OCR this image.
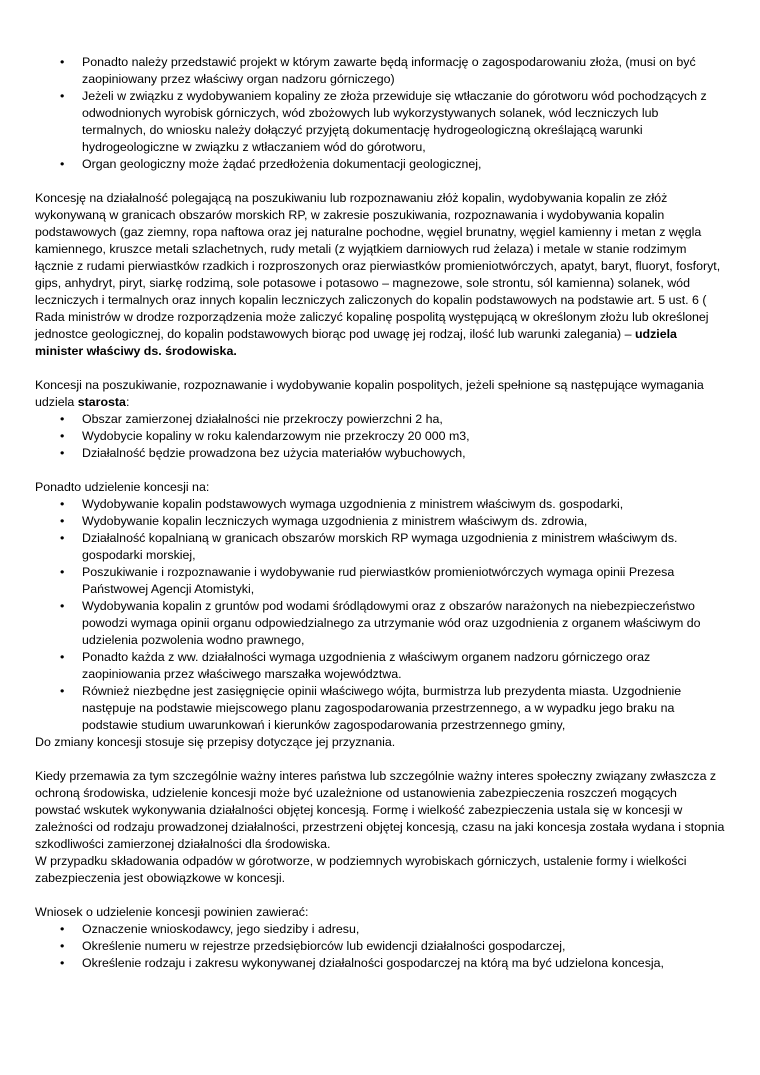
• Ponadto należy przedstawić projekt w którym zawarte będą informację o zagospodarowaniu złoża, (musi on być zaopiniowany przez właściwy organ nadzoru górniczego)
• Jeżeli w związku z wydobywaniem kopaliny ze złoża przewiduje się wtłaczanie do górotworu wód pochodzących z odwodnionych wyrobisk górniczych, wód zbożowych lub wykorzystywanych solanek, wód leczniczych lub termalnych, do wniosku należy dołączyć przyjętą dokumentację hydrogeologiczną określającą warunki hydrogeologiczne w związku z wtłaczaniem wód do górotworu,
• Organ geologiczny może żądać przedłożenia dokumentacji geologicznej,

Koncesję na działalność polegającą na poszukiwaniu lub rozpoznawaniu złóż kopalin, wydobywania kopalin ze złóż wykonywaną w granicach obszarów morskich RP, w zakresie poszukiwania, rozpoznawania i wydobywania kopalin podstawowych (gaz ziemny, ropa naftowa oraz jej naturalne pochodne, węgiel brunatny, węgiel kamienny i metan z węgla kamiennego, kruszce metali szlachetnych, rudy metali (z wyjątkiem darniowych rud żelaza) i metale w stanie rodzimym łącznie z rudami pierwiastków rzadkich i rozproszonych oraz pierwiastków promieniotwórczych, apatyt, baryt, fluoryt, fosforyt, gips, anhydryt, piryt, siarkę rodzimą, sole potasowe i potasowo – magnezowe, sole strontu, sól kamienna) solanek, wód leczniczych i termalnych oraz innych kopalin leczniczych zaliczonych do kopalin podstawowych na podstawie art. 5 ust. 6 ( Rada ministrów w drodze rozporządzenia może zaliczyć kopalinę pospolitą występującą w określonym złożu lub określonej jednostce geologicznej, do kopalin podstawowych biorąc pod uwagę jej rodzaj, ilość lub warunki zalegania) – udziela minister właściwy ds. środowiska.

Koncesji na poszukiwanie, rozpoznawanie i wydobywanie kopalin pospolitych, jeżeli spełnione są następujące wymagania udziela starosta:

• Obszar zamierzonej działalności nie przekroczy powierzchni 2 ha,
• Wydobycie kopaliny w roku kalendarzowym nie przekroczy 20 000 m3,
• Działalność będzie prowadzona bez użycia materiałów wybuchowych,

Ponadto udzielenie koncesji na:

• Wydobywanie kopalin podstawowych wymaga uzgodnienia z ministrem właściwym ds. gospodarki,
• Wydobywanie kopalin leczniczych wymaga uzgodnienia z ministrem właściwym ds. zdrowia,
• Działalność kopalnianą w granicach obszarów morskich RP wymaga uzgodnienia z ministrem właściwym ds. gospodarki morskiej,
• Poszukiwanie i rozpoznawanie i wydobywanie rud pierwiastków promieniotwórczych wymaga opinii Prezesa Państwowej Agencji Atomistyki,
• Wydobywania kopalin z gruntów pod wodami śródlądowymi oraz z obszarów narażonych na niebezpieczeństwo powodzi wymaga opinii organu odpowiedzialnego za utrzymanie wód oraz uzgodnienia z organem właściwym do udzielenia pozwolenia wodno prawnego,
• Ponadto każda z ww. działalności wymaga uzgodnienia z właściwym organem nadzoru górniczego oraz zaopiniowania przez właściwego marszałka województwa.
• Również niezbędne jest zasięgnięcie opinii właściwego wójta, burmistrza lub prezydenta miasta. Uzgodnienie następuje na podstawie miejscowego planu zagospodarowania przestrzennego, a w wypadku jego braku na podstawie studium uwarunkowań i kierunków zagospodarowania przestrzennego gminy,

Do zmiany koncesji stosuje się przepisy dotyczące jej przyznania.

Kiedy przemawia za tym szczególnie ważny interes państwa lub szczególnie ważny interes społeczny związany zwłaszcza z ochroną środowiska, udzielenie koncesji może być uzależnione od ustanowienia zabezpieczenia roszczeń mogących powstać wskutek wykonywania działalności objętej koncesją. Formę i wielkość zabezpieczenia ustala się w koncesji w zależności od rodzaju prowadzonej działalności, przestrzeni objętej koncesją, czasu na jaki koncesja została wydana i stopnia szkodliwości zamierzonej działalności dla środowiska.

W przypadku składowania odpadów w górotworze, w podziemnych wyrobiskach górniczych, ustalenie formy i wielkości zabezpieczenia jest obowiązkowe w koncesji.

Wniosek o udzielenie koncesji powinien zawierać:

• Oznaczenie wnioskodawcy, jego siedziby i adresu,
• Określenie numeru w rejestrze przedsiębiorców lub ewidencji działalności gospodarczej,
• Określenie rodzaju i zakresu wykonywanej działalności gospodarczej na którą ma być udzielona koncesja,
